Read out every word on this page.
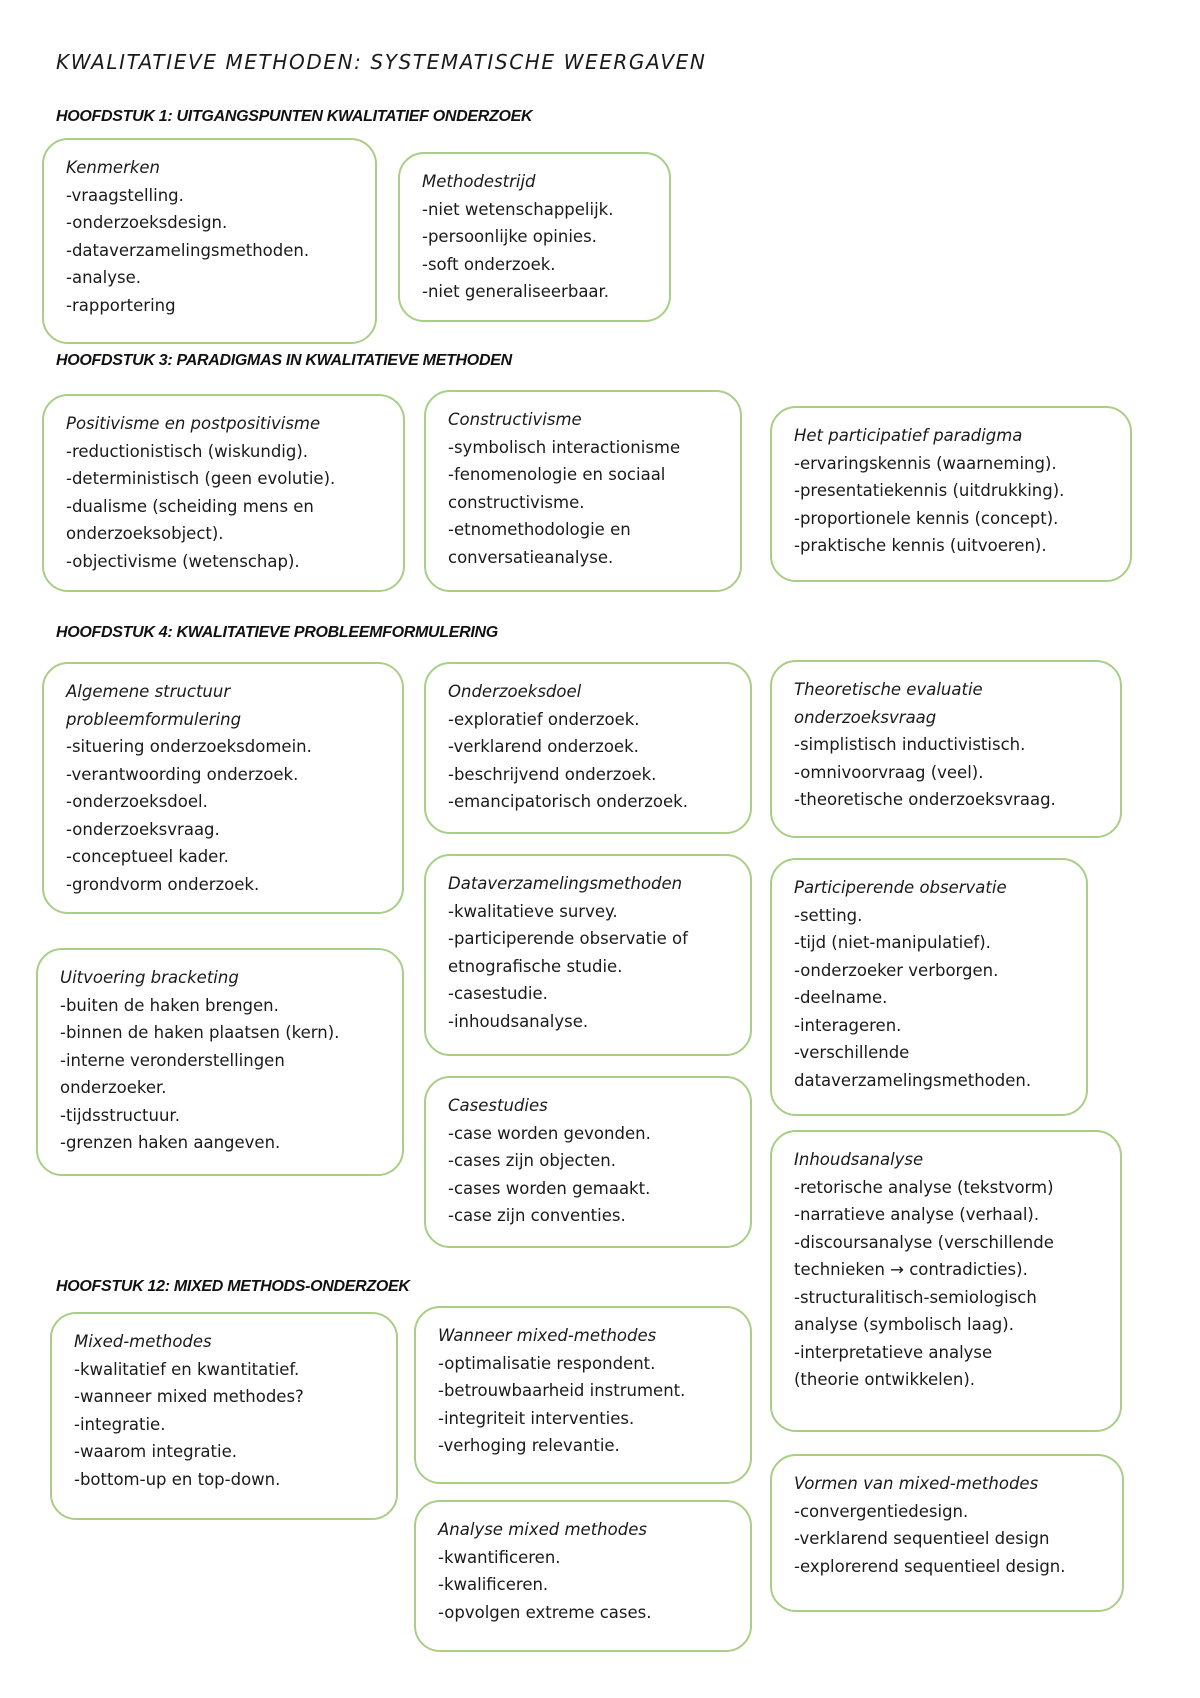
KWALITATIEVE METHODEN: SYSTEMATISCHE WEERGAVEN
HOOFDSTUK 1: UITGANGSPUNTEN KWALITATIEF ONDERZOEK
HOOFDSTUK 3: PARADIGMAS IN KWALITATIEVE METHODEN
HOOFDSTUK 4: KWALITATIEVE PROBLEEMFORMULERING
HOOFSTUK 12: MIXED METHODS-ONDERZOEK
Kenmerken
-vraagstelling.
-onderzoeksdesign.
-dataverzamelingsmethoden.
-analyse.
-rapportering
Methodestrijd
-niet wetenschappelijk.
-persoonlijke opinies.
-soft onderzoek.
-niet generaliseerbaar.
Positivisme en postpositivisme
-reductionistisch (wiskundig).
-deterministisch (geen evolutie).
-dualisme (scheiding mens en
onderzoeksobject).
-objectivisme (wetenschap).
Constructivisme
-symbolisch interactionisme
-fenomenologie en sociaal
constructivisme.
-etnomethodologie en
conversatieanalyse.
Het participatief paradigma
-ervaringskennis (waarneming).
-presentatiekennis (uitdrukking).
-proportionele kennis (concept).
-praktische kennis (uitvoeren).
Algemene structuur
probleemformulering
-situering onderzoeksdomein.
-verantwoording onderzoek.
-onderzoeksdoel.
-onderzoeksvraag.
-conceptueel kader.
-grondvorm onderzoek.
Onderzoeksdoel
-exploratief onderzoek.
-verklarend onderzoek.
-beschrijvend onderzoek.
-emancipatorisch onderzoek.
Theoretische evaluatie
onderzoeksvraag
-simplistisch inductivistisch.
-omnivoorvraag (veel).
-theoretische onderzoeksvraag.
Dataverzamelingsmethoden
-kwalitatieve survey.
-participerende observatie of
etnografische studie.
-casestudie.
-inhoudsanalyse.
Participerende observatie
-setting.
-tijd (niet-manipulatief).
-onderzoeker verborgen.
-deelname.
-interageren.
-verschillende
dataverzamelingsmethoden.
Uitvoering bracketing
-buiten de haken brengen.
-binnen de haken plaatsen (kern).
-interne veronderstellingen
onderzoeker.
-tijdsstructuur.
-grenzen haken aangeven.
Casestudies
-case worden gevonden.
-cases zijn objecten.
-cases worden gemaakt.
-case zijn conventies.
Inhoudsanalyse
-retorische analyse (tekstvorm)
-narratieve analyse (verhaal).
-discoursanalyse (verschillende
technieken → contradicties).
-structuralitisch-semiologisch
analyse (symbolisch laag).
-interpretatieve analyse
(theorie ontwikkelen).
Mixed-methodes
-kwalitatief en kwantitatief.
-wanneer mixed methodes?
-integratie.
-waarom integratie.
-bottom-up en top-down.
Wanneer mixed-methodes
-optimalisatie respondent.
-betrouwbaarheid instrument.
-integriteit interventies.
-verhoging relevantie.
Analyse mixed methodes
-kwantificeren.
-kwalificeren.
-opvolgen extreme cases.
Vormen van mixed-methodes
-convergentiedesign.
-verklarend sequentieel design
-explorerend sequentieel design.
